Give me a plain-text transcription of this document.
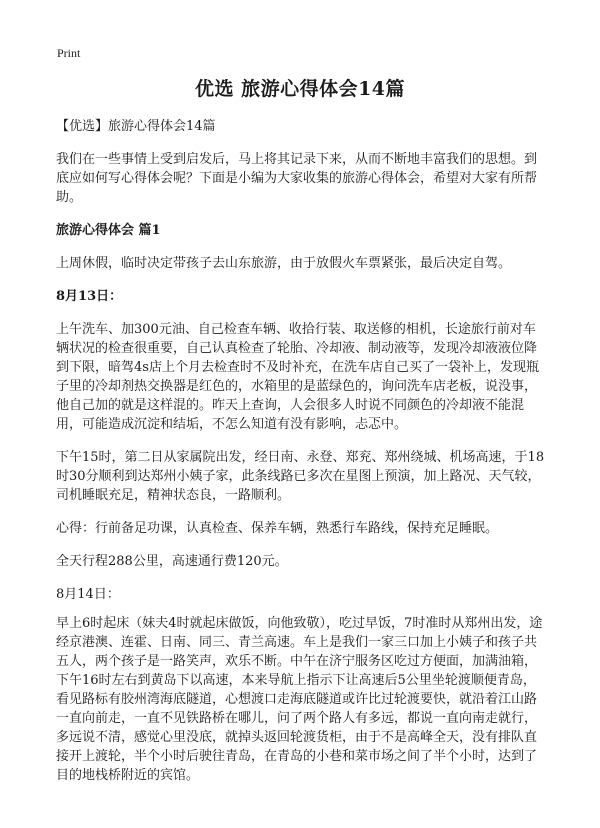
Print
优选 旅游心得体会14篇

【优选】旅游心得体会14篇

我们在一些事情上受到启发后，马上将其记录下来，从而不断地丰富我们的思想。到底应如何写心得体会呢？下面是小编为大家收集的旅游心得体会，希望对大家有所帮助。

旅游心得体会 篇1

上周休假，临时决定带孩子去山东旅游，由于放假火车票紧张，最后决定自驾。

8月13日：

上午洗车、加300元油、自己检查车辆、收拾行装、取送修的相机，长途旅行前对车辆状况的检查很重要，自己认真检查了轮胎、冷却液、制动液等，发现冷却液液位降到下限，暗驾4s店上个月去检查时不及时补充，在洗车店自己买了一袋补上，发现瓶子里的冷却剂热交换器是红色的，水箱里的是蓝绿色的，询问洗车店老板，说没事，他自己加的就是这样混的。昨天上查询，人会很多人时说不同颜色的冷却液不能混用，可能造成沉淀和结垢，不怎么知道有没有影响，忐忑中。

下午15时，第二日从家属院出发，经日南、永登、郑兖、郑州绕城、机场高速，于18时30分顺利到达郑州小姨子家，此条线路已多次在星图上预演，加上路况、天气较，司机睡眠充足，精神状态良，一路顺利。

心得：行前备足功课，认真检查、保养车辆，熟悉行车路线，保持充足睡眠。

全天行程288公里，高速通行费120元。

8月14日：

早上6时起床（妹夫4时就起床做饭，向他致敬），吃过早饭，7时准时从郑州出发，途经京港澳、连霍、日南、同三、青兰高速。车上是我们一家三口加上小姨子和孩子共五人，两个孩子是一路笑声，欢乐不断。中午在济宁服务区吃过方便面，加满油箱，下午16时左右到黄岛下以高速，本来导航上指示下让高速后5公里坐轮渡顺便青岛，看见路标有胶州湾海底隧道，心想渡口走海底隧道或许比过轮渡要快，就沿着江山路一直向前走，一直不见铁路桥在哪儿，问了两个路人有多远，都说一直向南走就行，多远说不清，感觉心里没底，就掉头返回轮渡货柜，由于不是高峰全天，没有排队直接开上渡轮，半个小时后驶往青岛，在青岛的小巷和菜市场之间了半个小时，达到了目的地栈桥附近的宾馆。
